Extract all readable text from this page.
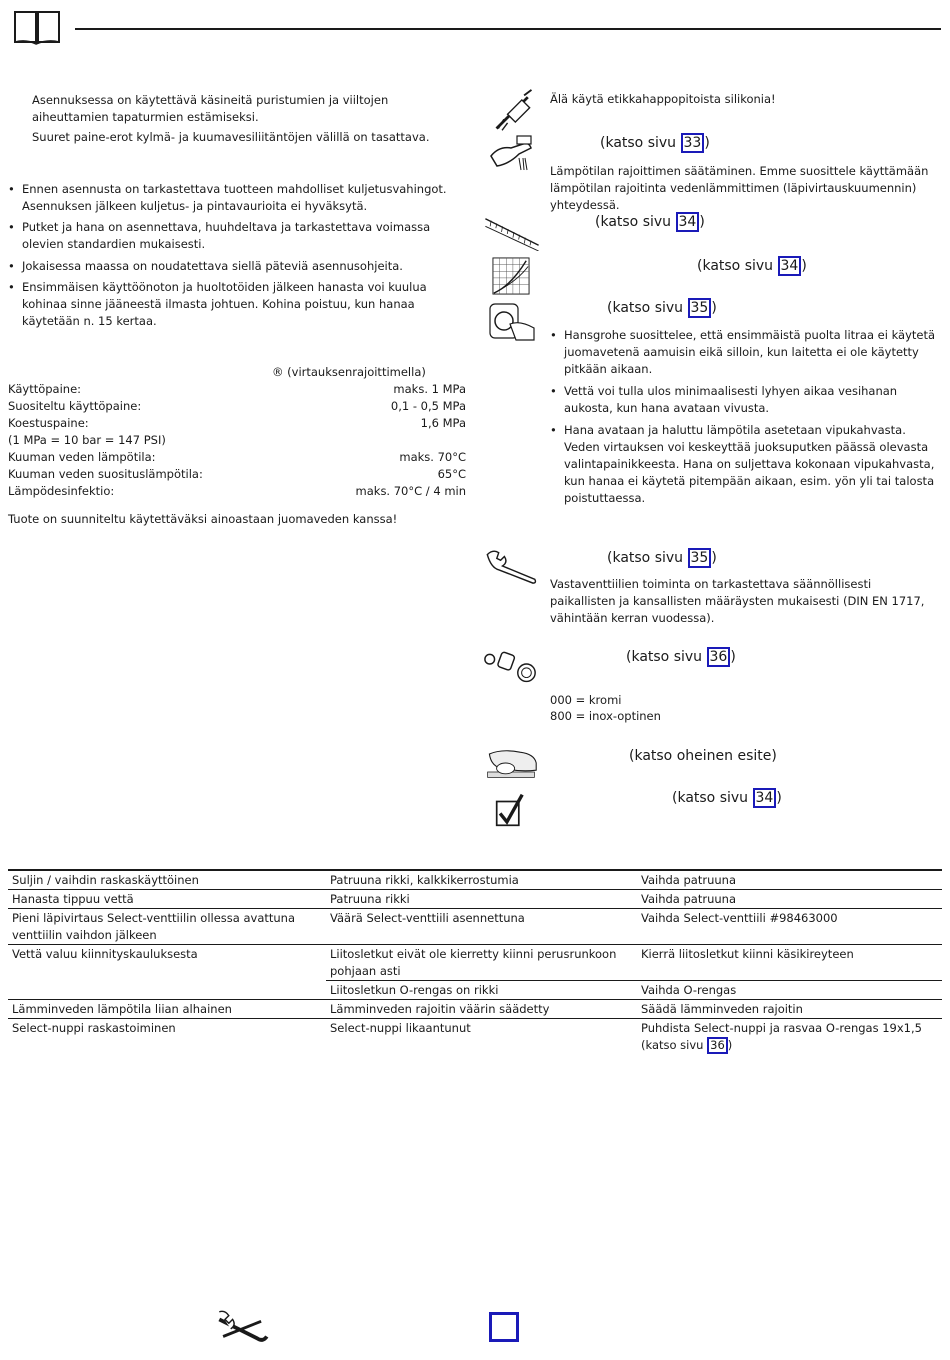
Asennuksessa on käytettävä käsineitä puristumien ja viiltojen aiheuttamien tapaturmien estämiseksi.

Suuret paine-erot kylmä- ja kuumavesiliitäntöjen välillä on tasattava.

• Ennen asennusta on tarkastettava tuotteen mahdolliset kuljetusvahingot. Asennuksen jälkeen kuljetus- ja pintavaurioita ei hyväksytä.
• Putket ja hana on asennettava, huuhdeltava ja tarkastettava voimassa olevien standardien mukaisesti.
• Jokaisessa maassa on noudatettava siellä päteviä asennusohjeita.
• Ensimmäisen käyttöönoton ja huoltotöiden jälkeen hanasta voi kuulua kohinaa sinne jääneestä ilmasta johtuen. Kohina poistuu, kun hanaa käytetään n. 15 kertaa.

® (virtauksenrajoittimella)

Käyttöpaine:	maks. 1 MPa
Suositeltu käyttöpaine:	0,1 - 0,5 MPa
Koestuspaine:	1,6 MPa
(1 MPa = 10 bar = 147 PSI)
Kuuman veden lämpötila:	maks. 70°C
Kuuman veden suosituslämpötila:	65°C
Lämpödesinfektio:	maks. 70°C / 4 min

Tuote on suunniteltu käytettäväksi ainoastaan juomaveden kanssa!

Älä käytä etikkahappopitoista silikonia!

(katso sivu 33 )

Lämpötilan rajoittimen säätäminen. Emme suosittele käyttämään lämpötilan rajoitinta vedenlämmittimen (läpivirtauskuumennin) yhteydessä.

(katso sivu 34 )
(katso sivu 34 )
(katso sivu 35 )
• Hansgrohe suosittelee, että ensimmäistä puolta litraa ei käytetä juomavetenä aamuisin eikä silloin, kun laitetta ei ole käytetty pitkään aikaan.
• Vettä voi tulla ulos minimaalisesti lyhyen aikaa vesihanan aukosta, kun hana avataan vivusta.
• Hana avataan ja haluttu lämpötila asetetaan vipukahvasta. Veden virtauksen voi keskeyttää juoksuputken päässä olevasta valintapainikkeesta. Hana on suljettava kokonaan vipukahvasta, kun hanaa ei käytetä pitempään aikaan, esim. yön yli tai talosta poistuttaessa.
(katso sivu 35 )

Vastaventtiilien toiminta on tarkastettava säännöllisesti paikallisten ja kansallisten määräysten mukaisesti (DIN EN 1717, vähintään kerran vuodessa).

(katso sivu 36 )

000 = kromi

800 = inox-optinen

(katso oheinen esite)
(katso sivu 34 )
Suljin / vaihdin raskaskäyttöinen	Patruuna rikki, kalkkikerrostumia	Vaihda patruuna
Hanasta tippuu vettä	Patruuna rikki	Vaihda patruuna
Pieni läpivirtaus Select-venttiilin ollessa avattuna venttiilin vaihdon jälkeen	Väärä Select-venttiili asennettuna	Vaihda Select-venttiili #98463000
Vettä valuu kiinnityskauluksesta	Liitosletkut eivät ole kierretty kiinni perusrunkoon pohjaan asti	Kierrä liitosletkut kiinni käsikireyteen
	Liitosletkun O-rengas on rikki	Vaihda O-rengas
Lämminveden lämpötila liian alhainen	Lämminveden rajoitin väärin säädetty	Säädä lämminveden rajoitin
Select-nuppi raskastoiminen	Select-nuppi likaantunut	Puhdista Select-nuppi ja rasvaa O-rengas 19x1,5
(katso sivu 36 )
